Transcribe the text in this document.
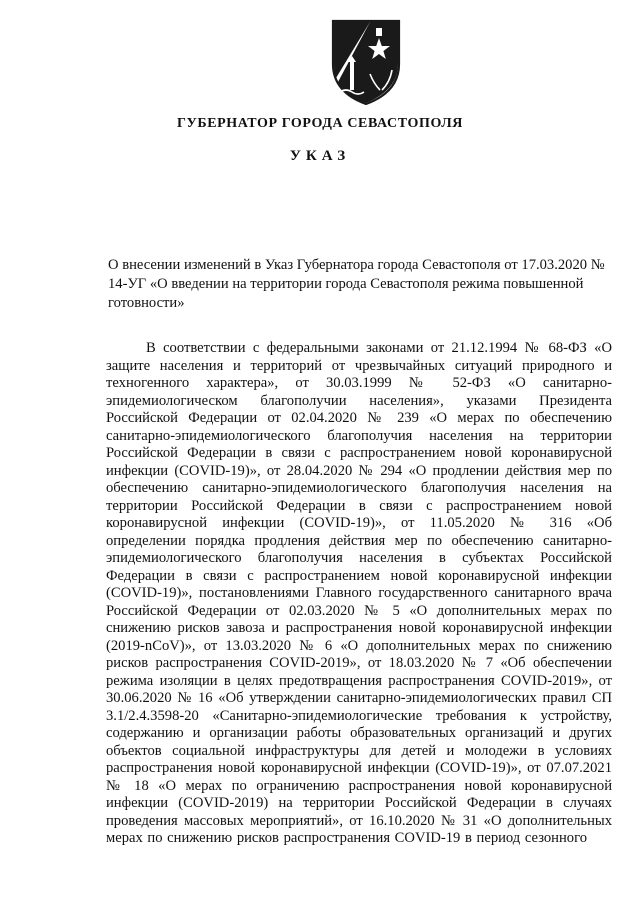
ГУБЕРНАТОР ГОРОДА СЕВАСТОПОЛЯ
УКАЗ

О внесении изменений в Указ Губернатора города Севастополя от 17.03.2020 № 14-УГ «О введении на территории города Севастополя режима повышенной готовности»

В соответствии с федеральными законами от 21.12.1994 № 68-ФЗ «О защите населения и территорий от чрезвычайных ситуаций природного и техногенного характера», от 30.03.1999 № 52-ФЗ «О санитарно-эпидемиологическом благополучии населения», указами Президента Российской Федерации от 02.04.2020 № 239 «О мерах по обеспечению санитарно-эпидемиологического благополучия населения на территории Российской Федерации в связи с распространением новой коронавирусной инфекции (COVID-19)», от 28.04.2020 № 294 «О продлении действия мер по обеспечению санитарно-эпидемиологического благополучия населения на территории Российской Федерации в связи с распространением новой коронавирусной инфекции (COVID-19)», от 11.05.2020 № 316 «Об определении порядка продления действия мер по обеспечению санитарно-эпидемиологического благополучия населения в субъектах Российской Федерации в связи с распространением новой коронавирусной инфекции (COVID-19)», постановлениями Главного государственного санитарного врача Российской Федерации от 02.03.2020 № 5 «О дополнительных мерах по снижению рисков завоза и распространения новой коронавирусной инфекции (2019-nCoV)», от 13.03.2020 № 6 «О дополнительных мерах по снижению рисков распространения COVID-2019», от 18.03.2020 № 7 «Об обеспечении режима изоляции в целях предотвращения распространения COVID-2019», от 30.06.2020 № 16 «Об утверждении санитарно-эпидемиологических правил СП 3.1/2.4.3598-20 «Санитарно-эпидемиологические требования к устройству, содержанию и организации работы образовательных организаций и других объектов социальной инфраструктуры для детей и молодежи в условиях распространения новой коронавирусной инфекции (COVID-19)», от 07.07.2021 № 18 «О мерах по ограничению распространения новой коронавирусной инфекции (COVID-2019) на территории Российской Федерации в случаях проведения массовых мероприятий», от 16.10.2020 № 31 «О дополнительных мерах по снижению рисков распространения COVID-19 в период сезонного
